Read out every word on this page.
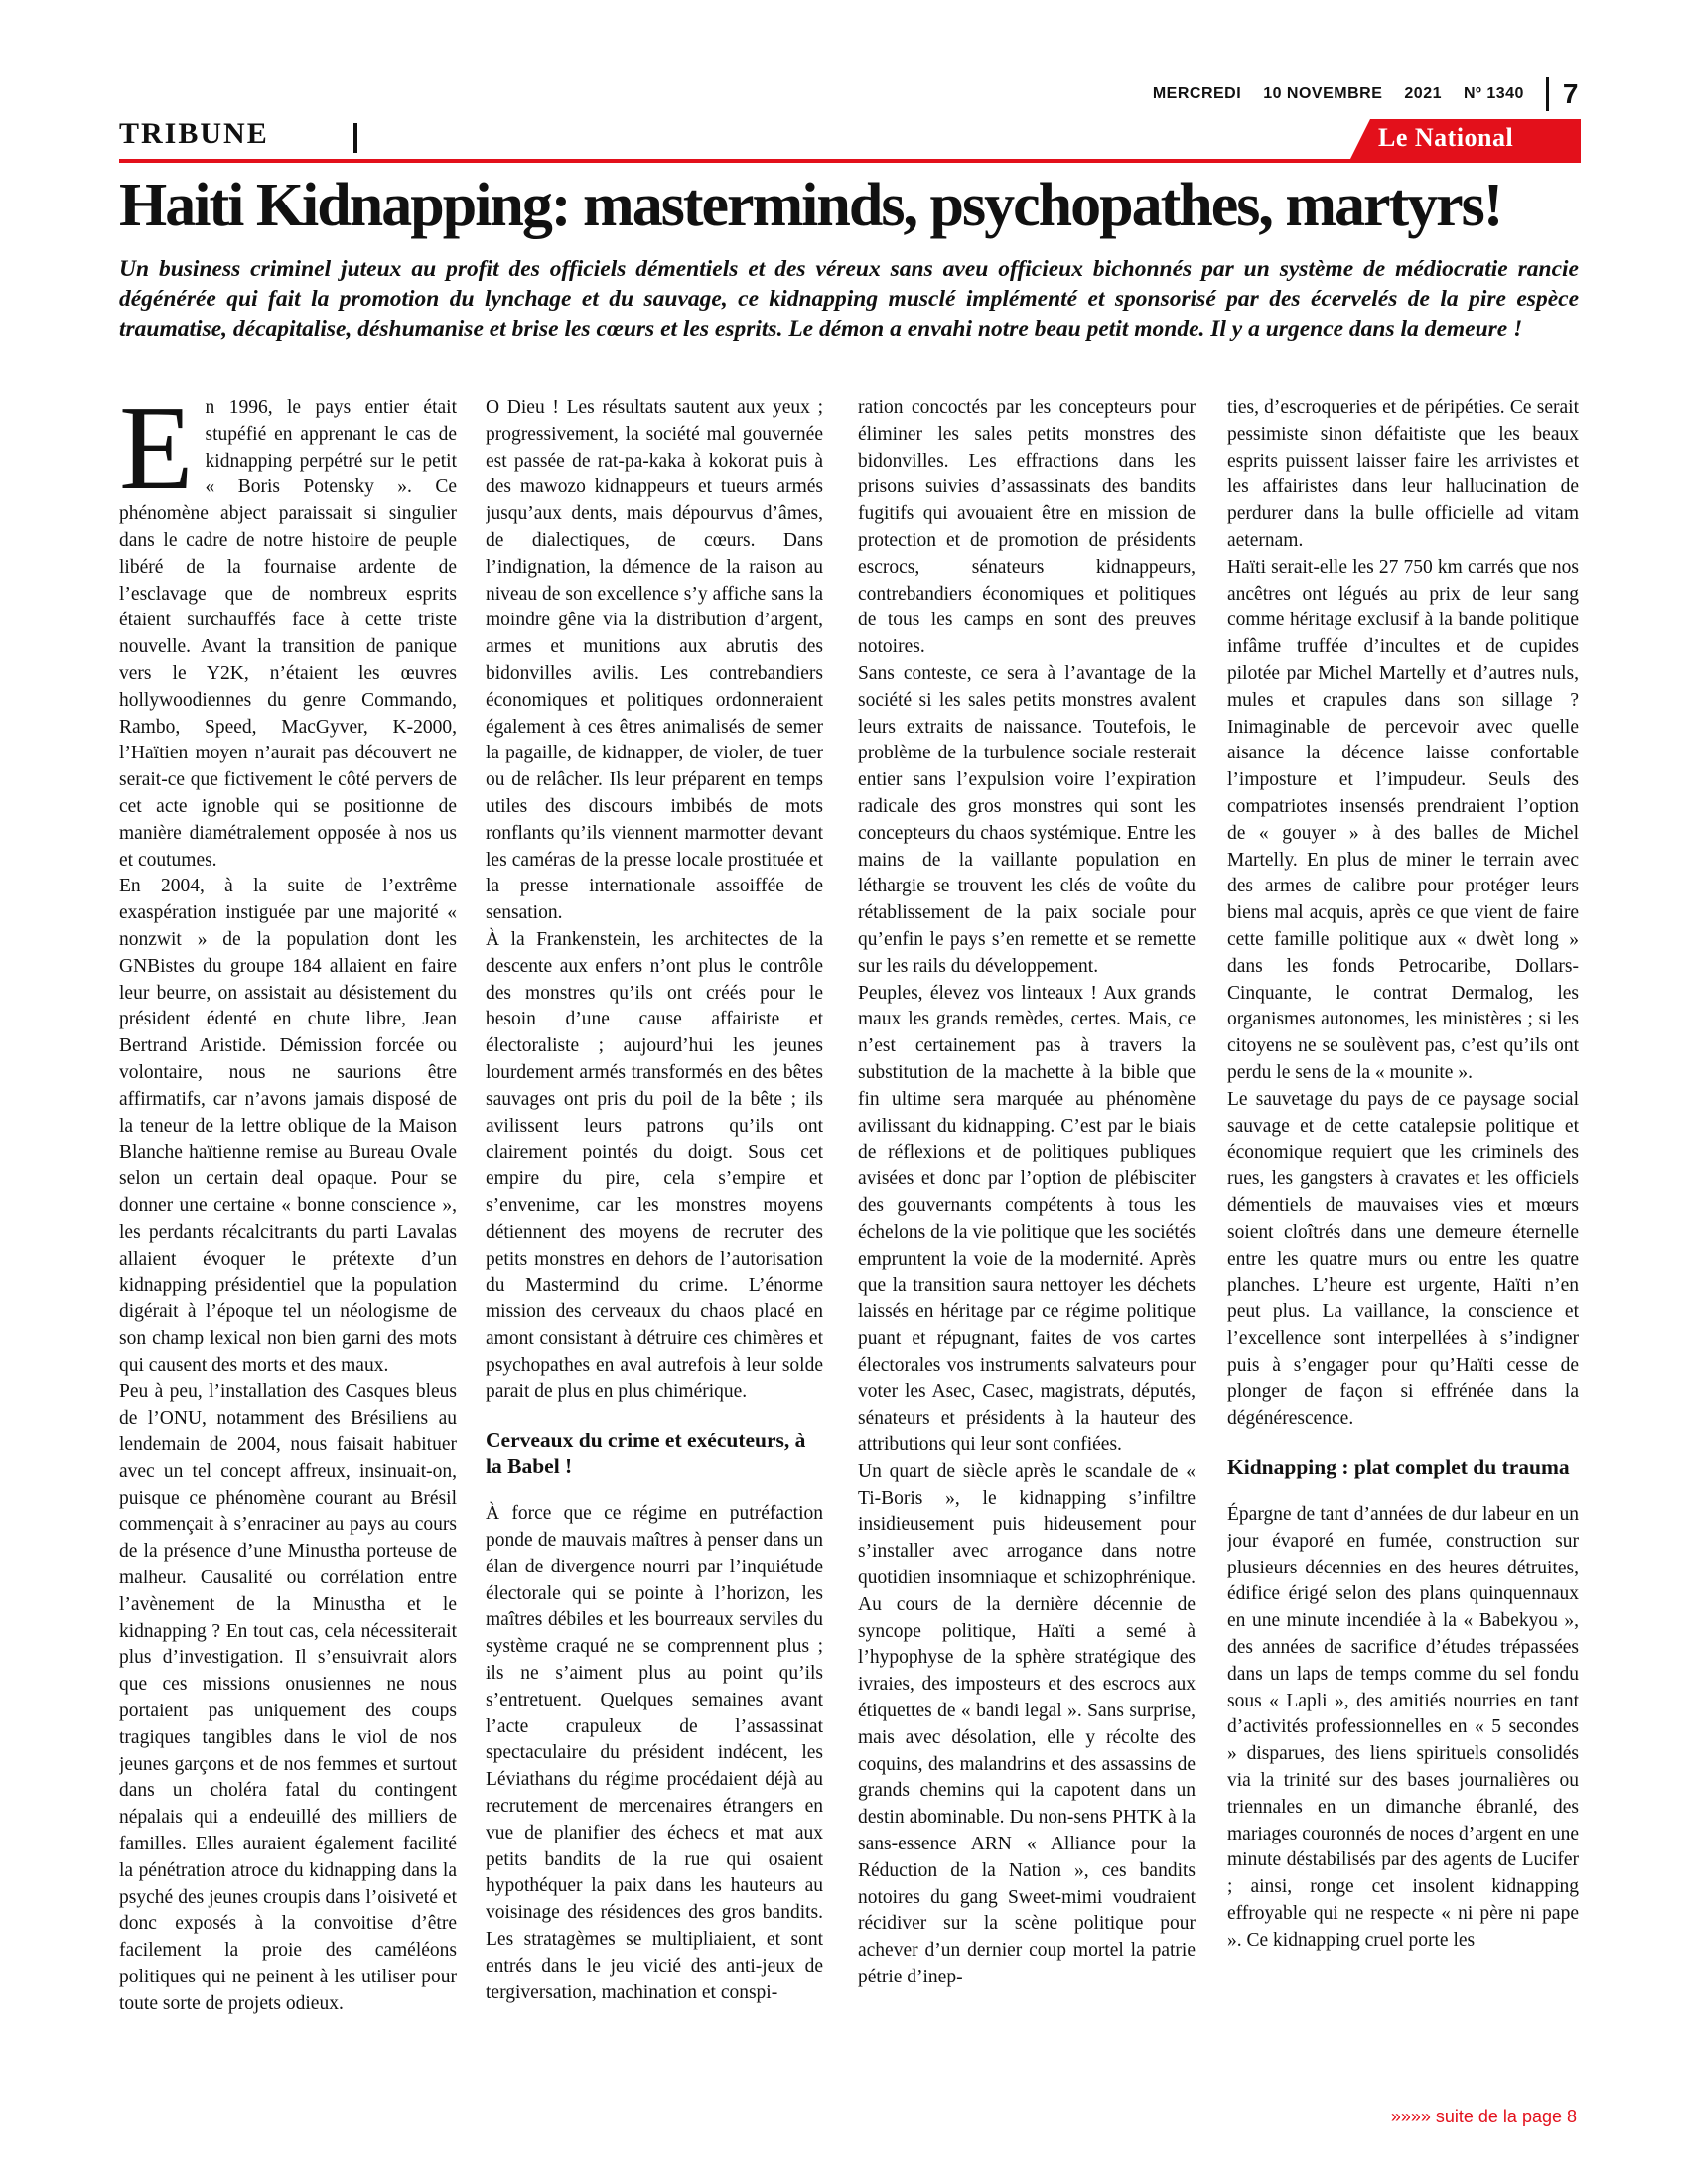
MERCREDI 10 NOVEMBRE 2021 Nº 1340 7
TRIBUNE	Le National
Haiti Kidnapping: masterminds, psychopathes, martyrs!

Un business criminel juteux au profit des officiels démentiels et des véreux sans aveu officieux bichonnés par un système de médiocratie rancie dégénérée qui fait la promotion du lynchage et du sauvage, ce kidnapping musclé implémenté et sponsorisé par des écervelés de la pire espèce traumatise, décapitalise, déshumanise et brise les cœurs et les esprits. Le démon a envahi notre beau petit monde. Il y a urgence dans la demeure !

En 1996, le pays entier était stupéfié en apprenant le cas de kidnapping perpétré sur le petit « Boris Potensky ». Ce phénomène abject paraissait si singulier dans le cadre de notre histoire de peuple libéré de la fournaise ardente de l’esclavage que de nombreux esprits étaient surchauffés face à cette triste nouvelle. Avant la transition de panique vers le Y2K, n’étaient les œuvres hollywoodiennes du genre Commando, Rambo, Speed, MacGyver, K-2000, l’Haïtien moyen n’aurait pas découvert ne serait-ce que fictivement le côté pervers de cet acte ignoble qui se positionne de manière diamétralement opposée à nos us et coutumes.

En 2004, à la suite de l’extrême exaspération instiguée par une majorité « nonzwit » de la population dont les GNBistes du groupe 184 allaient en faire leur beurre, on assistait au désistement du président édenté en chute libre, Jean Bertrand Aristide. Démission forcée ou volontaire, nous ne saurions être affirmatifs, car n’avons jamais disposé de la teneur de la lettre oblique de la Maison Blanche haïtienne remise au Bureau Ovale selon un certain deal opaque. Pour se donner une certaine « bonne conscience », les perdants récalcitrants du parti Lavalas allaient évoquer le prétexte d’un kidnapping présidentiel que la population digérait à l’époque tel un néologisme de son champ lexical non bien garni des mots qui causent des morts et des maux.

Peu à peu, l’installation des Casques bleus de l’ONU, notamment des Brésiliens au lendemain de 2004, nous faisait habituer avec un tel concept affreux, insinuait-on, puisque ce phénomène courant au Brésil commençait à s’enraciner au pays au cours de la présence d’une Minustha porteuse de malheur. Causalité ou corrélation entre l’avènement de la Minustha et le kidnapping ? En tout cas, cela nécessiterait plus d’investigation. Il s’ensuivrait alors que ces missions onusiennes ne nous portaient pas uniquement des coups tragiques tangibles dans le viol de nos jeunes garçons et de nos femmes et surtout dans un choléra fatal du contingent népalais qui a endeuillé des milliers de familles. Elles auraient également facilité la pénétration atroce du kidnapping dans la psyché des jeunes croupis dans l’oisiveté et donc exposés à la convoitise d’être facilement la proie des caméléons politiques qui ne peinent à les utiliser pour toute sorte de projets odieux.

O Dieu ! Les résultats sautent aux yeux ; progressivement, la société mal gouvernée est passée de rat-pa-kaka à kokorat puis à des mawozo kidnappeurs et tueurs armés jusqu’aux dents, mais dépourvus d’âmes, de dialectiques, de cœurs. Dans l’indignation, la démence de la raison au niveau de son excellence s’y affiche sans la moindre gêne via la distribution d’argent, armes et munitions aux abrutis des bidonvilles avilis. Les contrebandiers économiques et politiques ordonneraient également à ces êtres animalisés de semer la pagaille, de kidnapper, de violer, de tuer ou de relâcher. Ils leur préparent en temps utiles des discours imbibés de mots ronflants qu’ils viennent marmotter devant les caméras de la presse locale prostituée et la presse internationale assoiffée de sensation.

À la Frankenstein, les architectes de la descente aux enfers n’ont plus le contrôle des monstres qu’ils ont créés pour le besoin d’une cause affairiste et électoraliste ; aujourd’hui les jeunes lourdement armés transformés en des bêtes sauvages ont pris du poil de la bête ; ils avilissent leurs patrons qu’ils ont clairement pointés du doigt. Sous cet empire du pire, cela s’empire et s’envenime, car les monstres moyens détiennent des moyens de recruter des petits monstres en dehors de l’autorisation du Mastermind du crime. L’énorme mission des cerveaux du chaos placé en amont consistant à détruire ces chimères et psychopathes en aval autrefois à leur solde parait de plus en plus chimérique.

Cerveaux du crime et exécuteurs, à la Babel !

À force que ce régime en putréfaction ponde de mauvais maîtres à penser dans un élan de divergence nourri par l’inquiétude électorale qui se pointe à l’horizon, les maîtres débiles et les bourreaux serviles du système craqué ne se comprennent plus ; ils ne s’aiment plus au point qu’ils s’entretuent. Quelques semaines avant l’acte crapuleux de l’assassinat spectaculaire du président indécent, les Léviathans du régime procédaient déjà au recrutement de mercenaires étrangers en vue de planifier des échecs et mat aux petits bandits de la rue qui osaient hypothéquer la paix dans les hauteurs au voisinage des résidences des gros bandits. Les stratagèmes se multipliaient, et sont entrés dans le jeu vicié des anti-jeux de tergiversation, machination et conspi-

ration concoctés par les concepteurs pour éliminer les sales petits monstres des bidonvilles. Les effractions dans les prisons suivies d’assassinats des bandits fugitifs qui avouaient être en mission de protection et de promotion de présidents escrocs, sénateurs kidnappeurs, contrebandiers économiques et politiques de tous les camps en sont des preuves notoires.

Sans conteste, ce sera à l’avantage de la société si les sales petits monstres avalent leurs extraits de naissance. Toutefois, le problème de la turbulence sociale resterait entier sans l’expulsion voire l’expiration radicale des gros monstres qui sont les concepteurs du chaos systémique. Entre les mains de la vaillante population en léthargie se trouvent les clés de voûte du rétablissement de la paix sociale pour qu’enfin le pays s’en remette et se remette sur les rails du développement.

Peuples, élevez vos linteaux ! Aux grands maux les grands remèdes, certes. Mais, ce n’est certainement pas à travers la substitution de la machette à la bible que fin ultime sera marquée au phénomène avilissant du kidnapping. C’est par le biais de réflexions et de politiques publiques avisées et donc par l’option de plébisciter des gouvernants compétents à tous les échelons de la vie politique que les sociétés empruntent la voie de la modernité. Après que la transition saura nettoyer les déchets laissés en héritage par ce régime politique puant et répugnant, faites de vos cartes électorales vos instruments salvateurs pour voter les Asec, Casec, magistrats, députés, sénateurs et présidents à la hauteur des attributions qui leur sont confiées.

Un quart de siècle après le scandale de « Ti-Boris », le kidnapping s’infiltre insidieusement puis hideusement pour s’installer avec arrogance dans notre quotidien insomniaque et schizophrénique. Au cours de la dernière décennie de syncope politique, Haïti a semé à l’hypophyse de la sphère stratégique des ivraies, des imposteurs et des escrocs aux étiquettes de « bandi legal ». Sans surprise, mais avec désolation, elle y récolte des coquins, des malandrins et des assassins de grands chemins qui la capotent dans un destin abominable. Du non-sens PHTK à la sans-essence ARN « Alliance pour la Réduction de la Nation », ces bandits notoires du gang Sweet-mimi voudraient récidiver sur la scène politique pour achever d’un dernier coup mortel la patrie pétrie d’inep-

ties, d’escroqueries et de péripéties. Ce serait pessimiste sinon défaitiste que les beaux esprits puissent laisser faire les arrivistes et les affairistes dans leur hallucination de perdurer dans la bulle officielle ad vitam aeternam.

Haïti serait-elle les 27 750 km carrés que nos ancêtres ont légués au prix de leur sang comme héritage exclusif à la bande politique infâme truffée d’incultes et de cupides pilotée par Michel Martelly et d’autres nuls, mules et crapules dans son sillage ? Inimaginable de percevoir avec quelle aisance la décence laisse confortable l’imposture et l’impudeur. Seuls des compatriotes insensés prendraient l’option de « gouyer » à des balles de Michel Martelly. En plus de miner le terrain avec des armes de calibre pour protéger leurs biens mal acquis, après ce que vient de faire cette famille politique aux « dwèt long » dans les fonds Petrocaribe, Dollars-Cinquante, le contrat Dermalog, les organismes autonomes, les ministères ; si les citoyens ne se soulèvent pas, c’est qu’ils ont perdu le sens de la « mounite ».

Le sauvetage du pays de ce paysage social sauvage et de cette catalepsie politique et économique requiert que les criminels des rues, les gangsters à cravates et les officiels démentiels de mauvaises vies et mœurs soient cloîtrés dans une demeure éternelle entre les quatre murs ou entre les quatre planches. L’heure est urgente, Haïti n’en peut plus. La vaillance, la conscience et l’excellence sont interpellées à s’indigner puis à s’engager pour qu’Haïti cesse de plonger de façon si effrénée dans la dégénérescence.

Kidnapping : plat complet du trauma

Épargne de tant d’années de dur labeur en un jour évaporé en fumée, construction sur plusieurs décennies en des heures détruites, édifice érigé selon des plans quinquennaux en une minute incendiée à la « Babekyou », des années de sacrifice d’études trépassées dans un laps de temps comme du sel fondu sous « Lapli », des amitiés nourries en tant d’activités professionnelles en « 5 secondes » disparues, des liens spirituels consolidés via la trinité sur des bases journalières ou triennales en un dimanche ébranlé, des mariages couronnés de noces d’argent en une minute déstabilisés par des agents de Lucifer ; ainsi, ronge cet insolent kidnapping effroyable qui ne respecte « ni père ni pape ». Ce kidnapping cruel porte les

»»»» suite de la page 8
